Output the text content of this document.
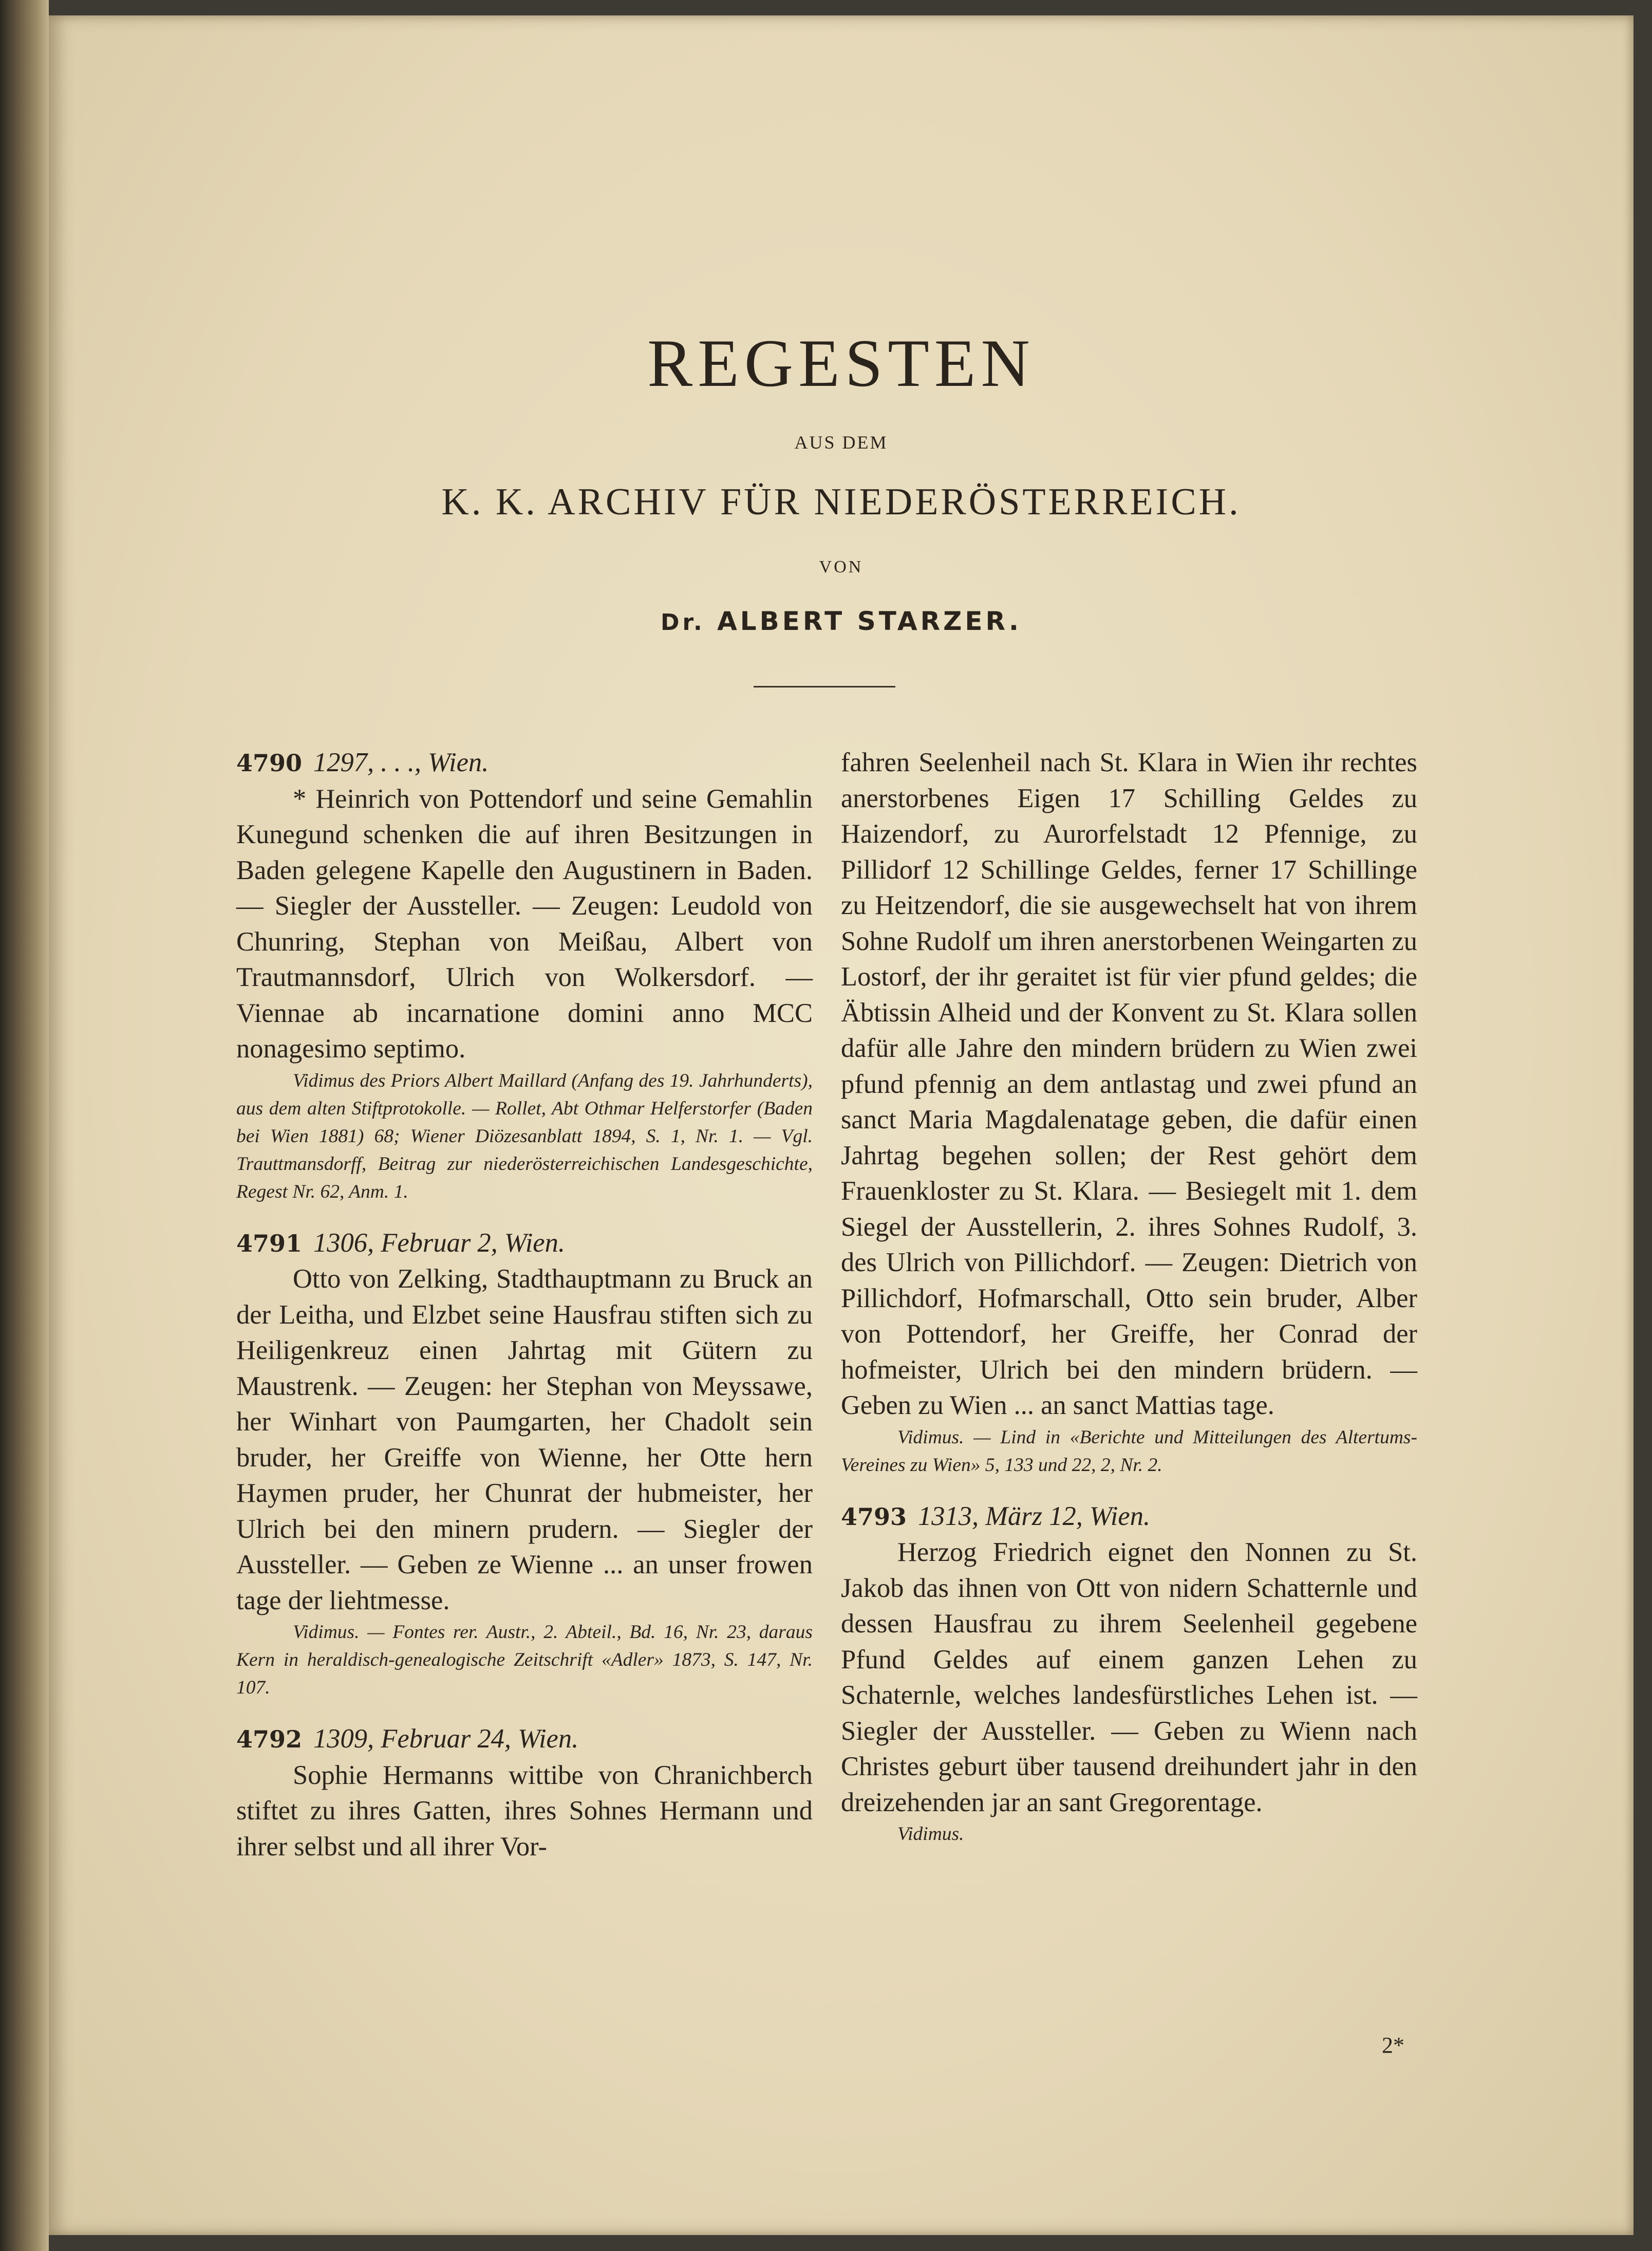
REGESTEN
AUS DEM
K. K. ARCHIV FÜR NIEDERÖSTERREICH.
VON
Dr. ALBERT STARZER.

4790 1297, . . ., Wien.

* Heinrich von Pottendorf und seine Gemahlin Kunegund schenken die auf ihren Besitzungen in Baden gelegene Kapelle den Augustinern in Baden. — Siegler der Aussteller. — Zeugen: Leudold von Chunring, Stephan von Meißau, Albert von Trautmannsdorf, Ulrich von Wolkersdorf. — Viennae ab incarnatione domini anno MCC nonagesimo septimo.

Vidimus des Priors Albert Maillard (Anfang des 19. Jahrhunderts), aus dem alten Stiftprotokolle. — Rollet, Abt Othmar Helferstorfer (Baden bei Wien 1881) 68; Wiener Diözesanblatt 1894, S. 1, Nr. 1. — Vgl. Trauttmansdorff, Beitrag zur niederösterreichischen Landesgeschichte, Regest Nr. 62, Anm. 1.

4791 1306, Februar 2, Wien.

Otto von Zelking, Stadthauptmann zu Bruck an der Leitha, und Elzbet seine Hausfrau stiften sich zu Heiligenkreuz einen Jahrtag mit Gütern zu Maustrenk. — Zeugen: her Stephan von Meyssawe, her Winhart von Paumgarten, her Chadolt sein bruder, her Greiffe von Wienne, her Otte hern Haymen pruder, her Chunrat der hubmeister, her Ulrich bei den minern prudern. — Siegler der Aussteller. — Geben ze Wienne ... an unser frowen tage der liehtmesse.

Vidimus. — Fontes rer. Austr., 2. Abteil., Bd. 16, Nr. 23, daraus Kern in heraldisch-genealogische Zeitschrift «Adler» 1873, S. 147, Nr. 107.

4792 1309, Februar 24, Wien.

Sophie Hermanns wittibe von Chranichberch stiftet zu ihres Gatten, ihres Sohnes Hermann und ihrer selbst und all ihrer Vor-

fahren Seelenheil nach St. Klara in Wien ihr rechtes anerstorbenes Eigen 17 Schilling Geldes zu Haizendorf, zu Aurorfelstadt 12 Pfennige, zu Pillidorf 12 Schillinge Geldes, ferner 17 Schillinge zu Heitzendorf, die sie ausgewechselt hat von ihrem Sohne Rudolf um ihren anerstorbenen Weingarten zu Lostorf, der ihr geraitet ist für vier pfund geldes; die Äbtissin Alheid und der Konvent zu St. Klara sollen dafür alle Jahre den mindern brüdern zu Wien zwei pfund pfennig an dem antlastag und zwei pfund an sanct Maria Magdalenatage geben, die dafür einen Jahrtag begehen sollen; der Rest gehört dem Frauenkloster zu St. Klara. — Besiegelt mit 1. dem Siegel der Ausstellerin, 2. ihres Sohnes Rudolf, 3. des Ulrich von Pillichdorf. — Zeugen: Dietrich von Pillichdorf, Hofmarschall, Otto sein bruder, Alber von Pottendorf, her Greiffe, her Conrad der hofmeister, Ulrich bei den mindern brüdern. — Geben zu Wien ... an sanct Mattias tage.

Vidimus. — Lind in «Berichte und Mitteilungen des Altertums-Vereines zu Wien» 5, 133 und 22, 2, Nr. 2.

4793 1313, März 12, Wien.

Herzog Friedrich eignet den Nonnen zu St. Jakob das ihnen von Ott von nidern Schatternle und dessen Hausfrau zu ihrem Seelenheil gegebene Pfund Geldes auf einem ganzen Lehen zu Schaternle, welches landesfürstliches Lehen ist. — Siegler der Aussteller. — Geben zu Wienn nach Christes geburt über tausend dreihundert jahr in den dreizehenden jar an sant Gregorentage.

Vidimus.

2*
